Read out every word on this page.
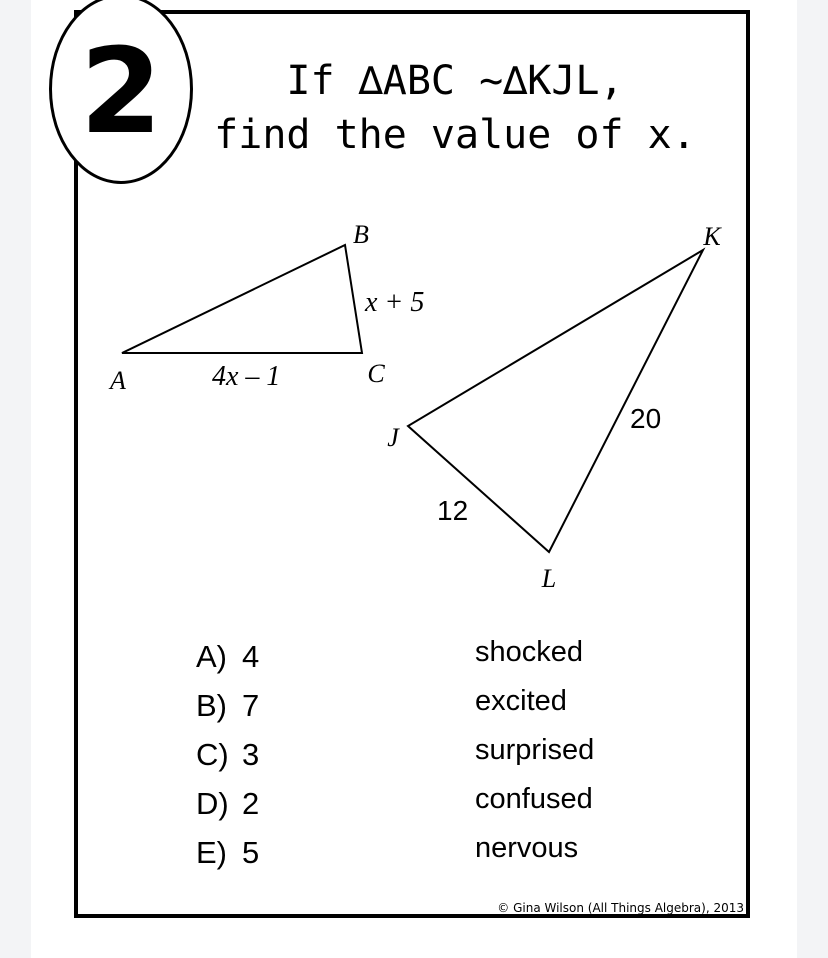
2	If ∆ABC ~∆KJL,
find the value of x.
A
B
C
x + 5
4x – 1
K
J
L
20
12
A) 4
B) 7
C) 3
D) 2
E) 5
shocked
excited
surprised
confused
nervous
© Gina Wilson (All Things Algebra), 2013
